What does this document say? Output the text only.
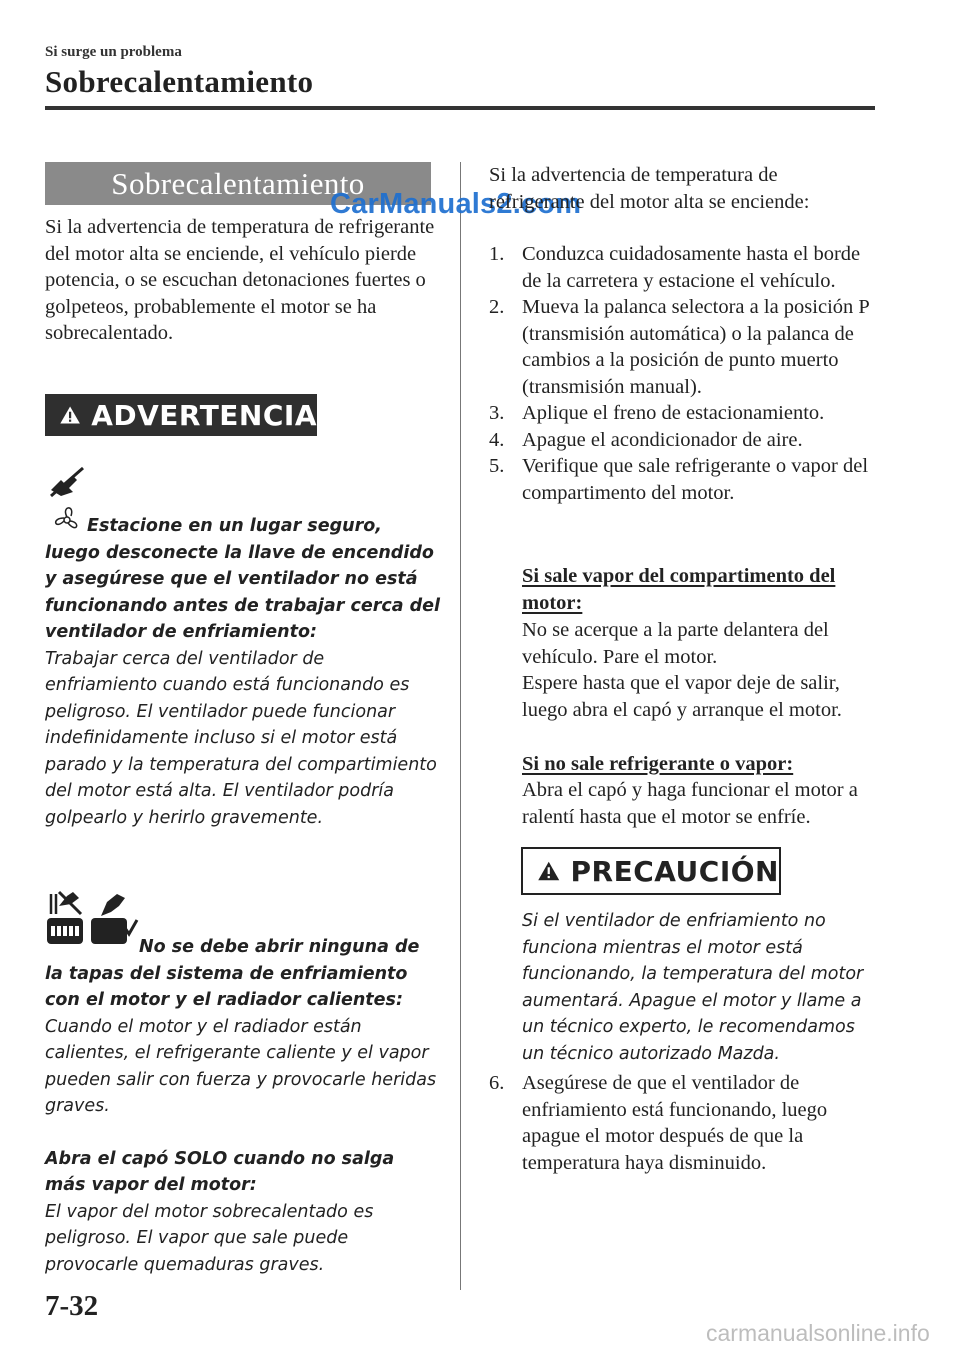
Si surge un problema
Sobrecalentamiento
Sobrecalentamiento
CarManuals2.com
Si la advertencia de temperatura de refrigerante del motor alta se enciende, el vehículo pierde potencia, o se escuchan detonaciones fuertes o golpeteos, probablemente el motor se ha sobrecalentado.
ADVERTENCIA
Estacione en un lugar seguro, luego desconecte la llave de encendido y asegúrese que el ventilador no está funcionando antes de trabajar cerca del ventilador de enfriamiento:
Trabajar cerca del ventilador de enfriamiento cuando está funcionando es peligroso. El ventilador puede funcionar indefinidamente incluso si el motor está parado y la temperatura del compartimiento del motor está alta. El ventilador podría golpearlo y herirlo gravemente.
No se debe abrir ninguna de la tapas del sistema de enfriamiento con el motor y el radiador calientes:
Cuando el motor y el radiador están calientes, el refrigerante caliente y el vapor pueden salir con fuerza y provocarle heridas graves.
Abra el capó SOLO cuando no salga más vapor del motor:
El vapor del motor sobrecalentado es peligroso. El vapor que sale puede provocarle quemaduras graves.
Si la advertencia de temperatura de refrigerante del motor alta se enciende:
1. Conduzca cuidadosamente hasta el borde de la carretera y estacione el vehículo.
2. Mueva la palanca selectora a la posición P (transmisión automática) o la palanca de cambios a la posición de punto muerto (transmisión manual).
3. Aplique el freno de estacionamiento.
4. Apague el acondicionador de aire.
5. Verifique que sale refrigerante o vapor del compartimento del motor.
Si sale vapor del compartimento del motor:
No se acerque a la parte delantera del vehículo. Pare el motor.
Espere hasta que el vapor deje de salir, luego abra el capó y arranque el motor.
Si no sale refrigerante o vapor:
Abra el capó y haga funcionar el motor a ralentí hasta que el motor se enfríe.
PRECAUCIÓN
Si el ventilador de enfriamiento no funciona mientras el motor está funcionando, la temperatura del motor aumentará. Apague el motor y llame a un técnico experto, le recomendamos un técnico autorizado Mazda.
6. Asegúrese de que el ventilador de enfriamiento está funcionando, luego apague el motor después de que la temperatura haya disminuido.
7-32
carmanualsonline.info
